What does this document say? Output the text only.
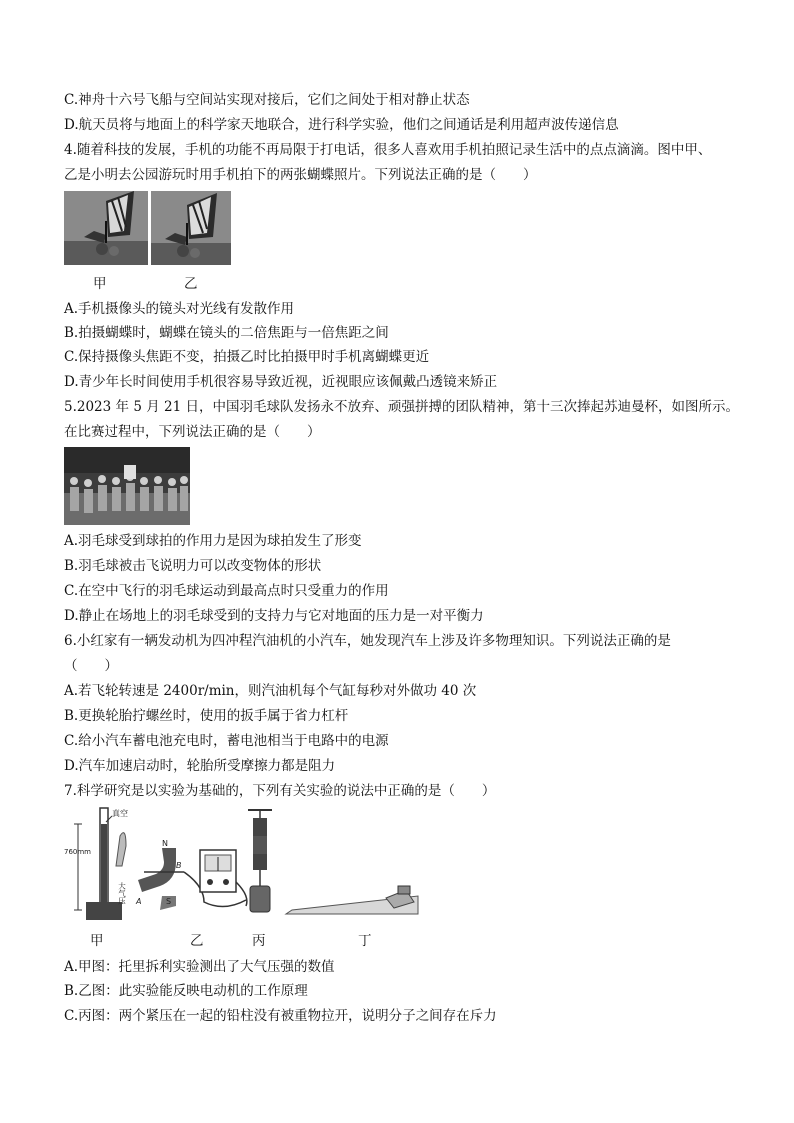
C.神舟十六号飞船与空间站实现对接后，它们之间处于相对静止状态
D.航天员将与地面上的科学家天地联合，进行科学实验，他们之间通话是利用超声波传递信息
4.随着科技的发展，手机的功能不再局限于打电话，很多人喜欢用手机拍照记录生活中的点点滴滴。图中甲、
乙是小明去公园游玩时用手机拍下的两张蝴蝶照片。下列说法正确的是（　　）
甲	乙
A.手机摄像头的镜头对光线有发散作用
B.拍摄蝴蝶时，蝴蝶在镜头的二倍焦距与一倍焦距之间
C.保持摄像头焦距不变，拍摄乙时比拍摄甲时手机离蝴蝶更近
D.青少年长时间使用手机很容易导致近视，近视眼应该佩戴凸透镜来矫正
5.2023 年 5 月 21 日，中国羽毛球队发扬永不放弃、顽强拼搏的团队精神，第十三次捧起苏迪曼杯，如图所示。
在比赛过程中，下列说法正确的是（　　）
A.羽毛球受到球拍的作用力是因为球拍发生了形变
B.羽毛球被击飞说明力可以改变物体的形状
C.在空中飞行的羽毛球运动到最高点时只受重力的作用
D.静止在场地上的羽毛球受到的支持力与它对地面的压力是一对平衡力
6.小红家有一辆发动机为四冲程汽油机的小汽车，她发现汽车上涉及许多物理知识。下列说法正确的是
（　　）
A.若飞轮转速是 2400r/min，则汽油机每个气缸每秒对外做功 40 次
B.更换轮胎拧螺丝时，使用的扳手属于省力杠杆
C.给小汽车蓄电池充电时，蓄电池相当于电路中的电源
D.汽车加速启动时，轮胎所受摩擦力都是阻力
7.科学研究是以实验为基础的，下列有关实验的说法中正确的是（　　）
真空
760mm
大气压
N
S
A
B
甲	乙	丙	丁
A.甲图：托里拆利实验测出了大气压强的数值
B.乙图：此实验能反映电动机的工作原理
C.丙图：两个紧压在一起的铅柱没有被重物拉开，说明分子之间存在斥力
